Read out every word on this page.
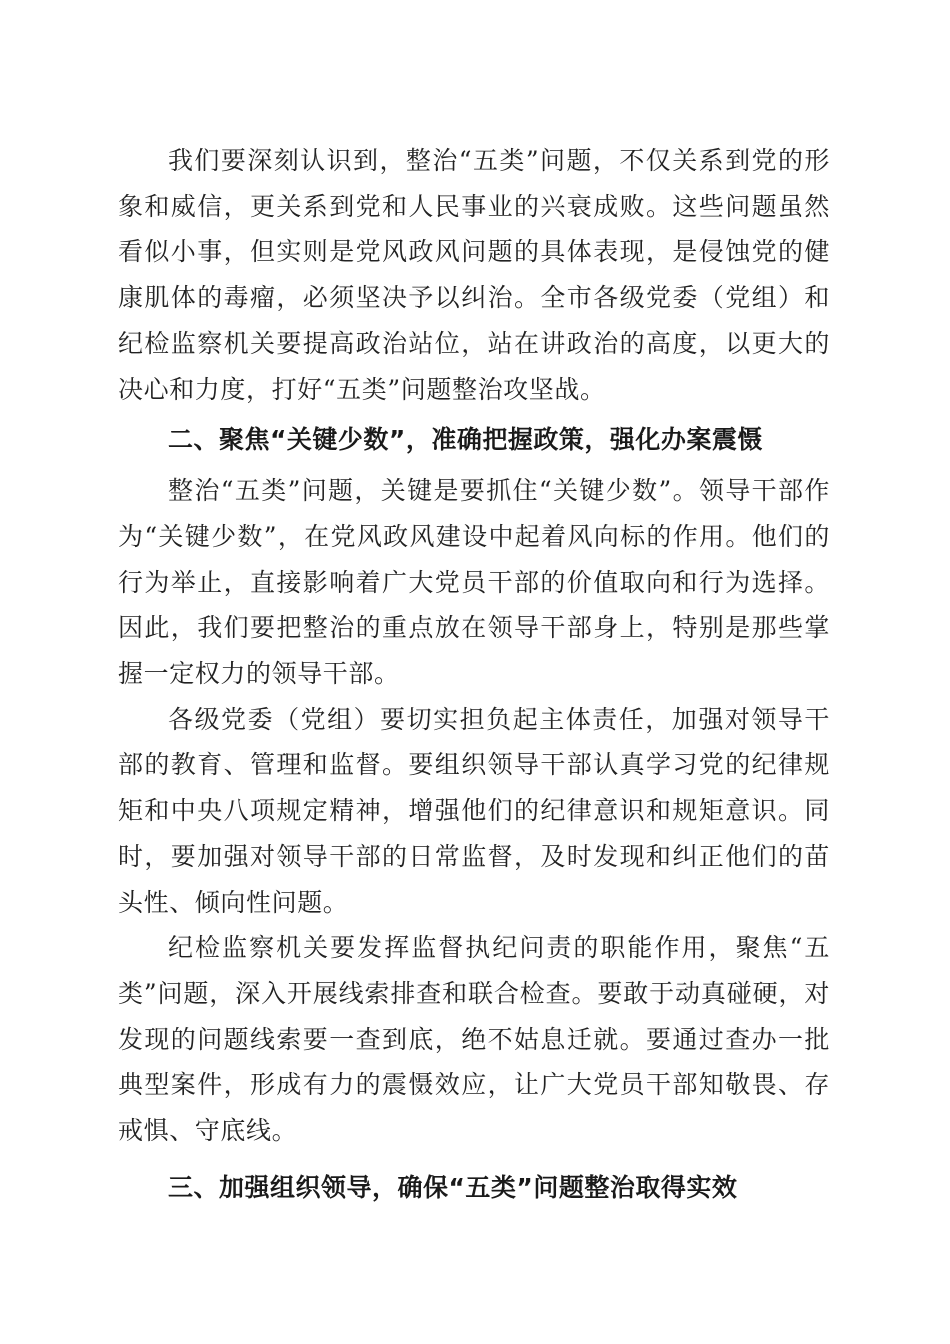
我们要深刻认识到，整治“五类”问题，不仅关系到党的形象和威信，更关系到党和人民事业的兴衰成败。这些问题虽然看似小事，但实则是党风政风问题的具体表现，是侵蚀党的健康肌体的毒瘤，必须坚决予以纠治。全市各级党委（党组）和纪检监察机关要提高政治站位，站在讲政治的高度，以更大的决心和力度，打好“五类”问题整治攻坚战。

二、聚焦“关键少数”，准确把握政策，强化办案震慑

整治“五类”问题，关键是要抓住“关键少数”。领导干部作为“关键少数”，在党风政风建设中起着风向标的作用。他们的行为举止，直接影响着广大党员干部的价值取向和行为选择。因此，我们要把整治的重点放在领导干部身上，特别是那些掌握一定权力的领导干部。

各级党委（党组）要切实担负起主体责任，加强对领导干部的教育、管理和监督。要组织领导干部认真学习党的纪律规矩和中央八项规定精神，增强他们的纪律意识和规矩意识。同时，要加强对领导干部的日常监督，及时发现和纠正他们的苗头性、倾向性问题。

纪检监察机关要发挥监督执纪问责的职能作用，聚焦“五类”问题，深入开展线索排查和联合检查。要敢于动真碰硬，对发现的问题线索要一查到底，绝不姑息迁就。要通过查办一批典型案件，形成有力的震慑效应，让广大党员干部知敬畏、存戒惧、守底线。

三、加强组织领导，确保“五类”问题整治取得实效
